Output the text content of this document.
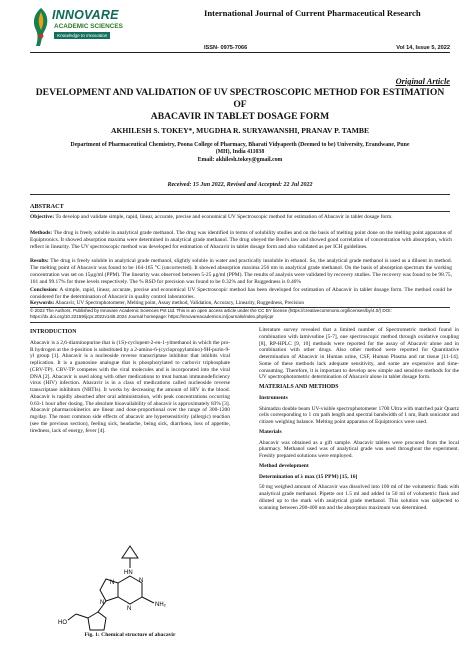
INNOVARE
ACADEMIC SCIENCES
Knowledge to Innovation
International Journal of Current Pharmaceutical Research
ISSN- 0975-7066	Vol 14, Issue 5, 2022
Original Article
DEVELOPMENT AND VALIDATION OF UV SPECTROSCOPIC METHOD FOR ESTIMATION OF
ABACAVIR IN TABLET DOSAGE FORM
AKHILESH S. TOKEY*, MUGDHA R. SURYAWANSHI, PRANAV P. TAMBE
Department of Pharmaceutical Chemistry, Poona College of Pharmacy, Bharati Vidyapeeth (Deemed to be) University, Erandwane, Pune
(MH), India 411038
Email: akhilesh.tokey@gmail.com
Received: 15 Jun 2022, Revised and Accepted: 22 Jul 2022
ABSTRACT
Objective: To develop and validate simple, rapid, linear, accurate, precise and economical UV Spectroscopic method for estimation of Abacavir in tablet dosage form.
Methods: The drug is freely soluble in analytical grade methanol. The drug was identified in terms of solubility studies and on the basis of melting point done on the melting point apparatus of Equiptronics. It showed absorption maxima were determined in analytical grade methanol. The drug obeyed the Beer's law and showed good correlation of concentration with absorption, which reflect in linearity. The UV spectroscopic method was developed for estimation of Abacavir in tablet dosage form and also validated as per ICH guidelines.
Results: The drug is freely soluble in analytical grade methanol, slightly soluble in water and practically insoluble in ethanol. So, the analytical grade methanol is used as a diluent in method. The melting point of Abacavir was found to be 164-165 °C (uncorrected). It showed absorption maxima 256 nm in analytical grade methanol. On the basis of absorption spectrum the working concentration was set on 15μg/ml (PPM). The linearity was observed between 5-25 μg/ml (PPM). The results of analysis were validated by recovery studies. The recovery was found to be 98.75, 101 and 99.17% for three levels respectively. The % RSD for precision was found to be 0.32% and for Ruggedness is 0.46%
Conclusion: A simple, rapid, linear, accurate, precise and economical UV Spectroscopic method has been developed for estimation of Abacavir in tablet dosage form. The method could be considered for the determination of Abacavir in quality control laboratories.
Keywords: Abacavir, UV Spectrophotometer, Melting point, Assay method, Validation, Accuracy, Linearity, Ruggedness, Precision
© 2022 The Authors. Published by Innovare Academic Sciences Pvt Ltd. This is an open access article under the CC BY license (https://creativecommons.org/licenses/by/4.0/) DOI: https://dx.doi.org/10.22159/ijcpr.2022v14i5.2024 Journal homepage: https://innovareacademics.in/journals/index.php/ijcpr
INTRODUCTION
Abacavir is a 2,6-diaminopurine that is (1S)-cyclopent-2-en-1-ylmethanol in which the pro-R hydrogen at the 4-position is substituted by a 2-amino-6-(cyclopropylamino)-9H-purin-9-yl group [1]. Abacavir is a nucleoside reverse transcriptase inhibitor that inhibits viral replication. It is a guanosine analogue that is phosphorylated to carbovir triphosphate (CBV-TP). CBV-TP competes with the viral molecules and is incorporated into the viral DNA [2]. Abacavir is used along with other medications to treat human immunodeficiency virus (HIV) infection. Abacavir is in a class of medications called nucleoside reverse transcriptase inhibitors (NRTIs). It works by decreasing the amount of HIV in the blood. Abacavir is rapidly absorbed after oral administration, with peak concentrations occurring 0.63-1 hour after dosing. The absolute bioavailability of abacavir is approximately 83% [3]. Abacavir pharmacokinetics are linear and dose-proportional over the range of 300-1200 mg/day. The most common side effects of abacavir are hypersensitivity (allergic) reaction (see the previous section), feeling sick, headache, being sick, diarrhoea, loss of appetite, tiredness, lack of energy, fever [4].
HN
N
N
N
N
NH₂
HO
Fig. 1: Chemical structure of abacavir
Literature survey revealed that a limited number of Spectrometric method found in combination with lamivudine [5-7], one spectroscopic method through oxidative coupling [8], RP-HPLC [9, 10] methods were reported for the assay of Abacavir alone and in combination with other drugs. Also other method were reported for Quantitative determination of Abacavir in Human urine, CSF, Human Plasma and rat tissue [11-14]. Some of these methods lack adequate sensitivity, and some are expensive and time-consuming. Therefore, it is important to develop new simple and sensitive methods for the UV spectrophotometric determination of Abacavir alone in tablet dosage form.
MATERIALS AND METHODS
Instruments
Shimadzu double beam UV-visible spectrophotometer 1700 Ultra with matched pair Quartz cells corresponding to 1 cm path length and spectral bandwidth of 1 nm, Bath sonicator and citizen weighing balance. Melting point apparatus of Equiptronics were used.
Materials
Abacavir was obtained as a gift sample. Abacavir tablets were procured from the local pharmacy. Methanol used was of analytical grade was used throughout the experiment. Freshly prepared solutions were employed.
Method development
Determination of λ max (15 PPM) [15, 16]
50 mg weighed amount of Abacavir was dissolved into 100 ml of the volumetric flask with analytical grade methanol. Pipette out 1.5 ml and added in 50 ml of volumetric flask and diluted up to the mark with analytical grade methanol. This solution was subjected to scanning between 200-400 nm and the absorption maximum was determined.
